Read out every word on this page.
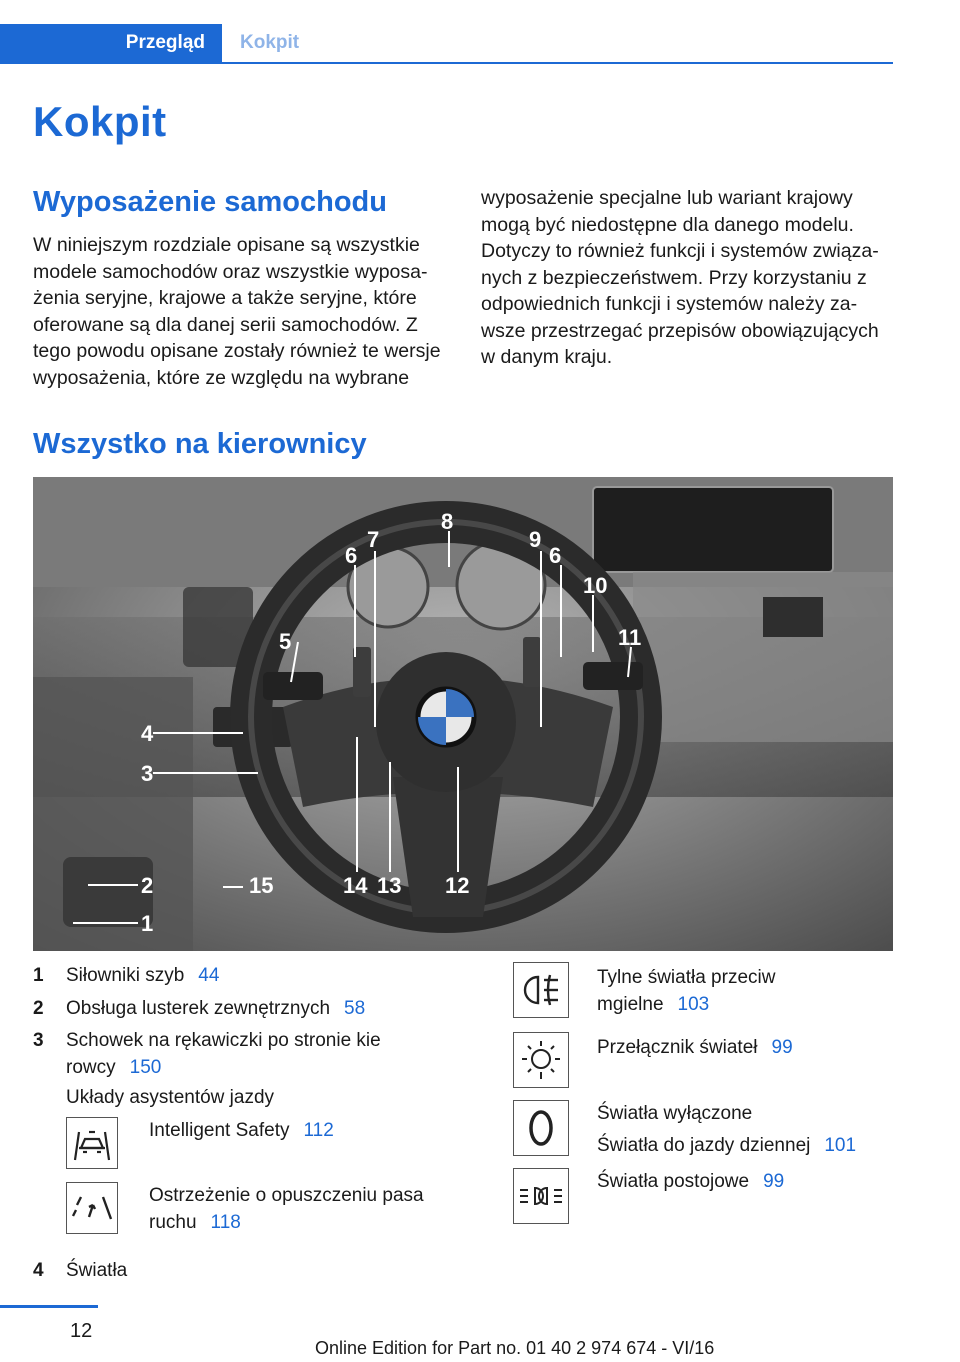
Przegląd	Kokpit
Kokpit
Wyposażenie samochodu
W niniejszym rozdziale opisane są wszystkie modele samochodów oraz wszystkie wyposażenia seryjne, krajowe a także seryjne, które oferowane są dla danej serii samochodów. Z tego powodu opisane zostały również te wersje wyposażenia, które ze względu na wybrane
wyposażenie specjalne lub wariant krajowy mogą być niedostępne dla danego modelu. Dotyczy to również funkcji i systemów związanych z bezpieczeństwem. Przy korzystaniu z odpowiednich funkcji i systemów należy zawsze przestrzegać przepisów obowiązujących w danym kraju.
Wszystko na kierownicy
1
2
3
4
5
6
7
8
9
6
10
11
12
13
14
15
1 Siłowniki szyb 44
2 Obsługa lusterek zewnętrznych 58
3 Schowek na rękawiczki po stronie kie
rowcy 150
Układy asystentów jazdy
Intelligent Safety 112
Ostrzeżenie o opuszczeniu pasa
ruchu 118
4 Światła
Tylne światła przeciw
mgielne 103
Przełącznik świateł 99
Światła wyłączone
Światła do jazdy dziennej 101
Światła postojowe 99
12
Online Edition for Part no. 01 40 2 974 674 - VI/16
